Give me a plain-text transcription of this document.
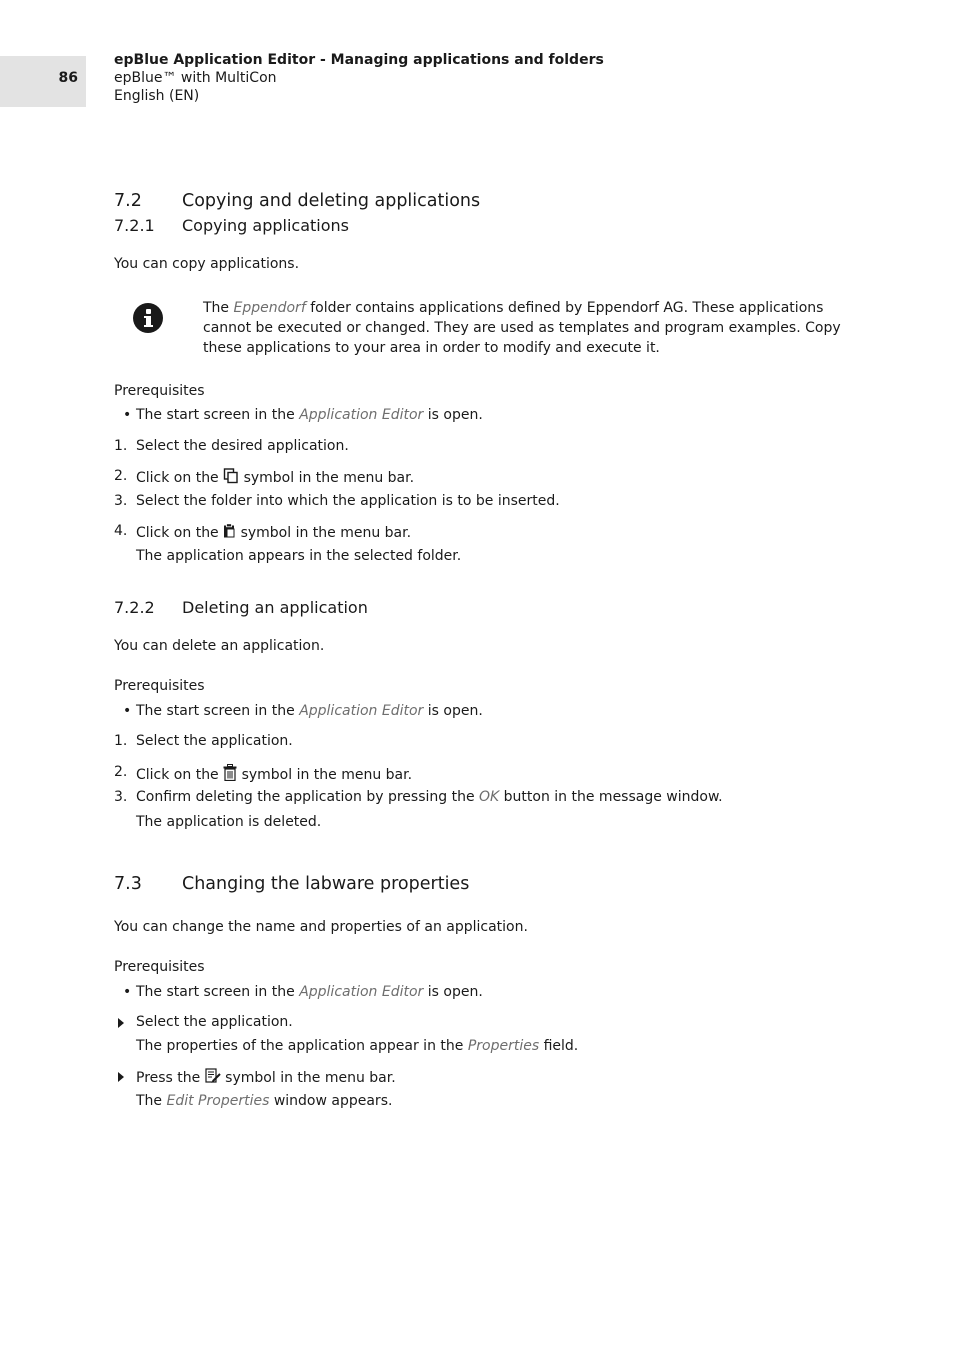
86
epBlue Application Editor - Managing applications and folders
epBlue™ with MultiCon
English (EN)
7.2 Copying and deleting applications
7.2.1 Copying applications
You can copy applications.
The Eppendorf folder contains applications defined by Eppendorf AG. These applications
cannot be executed or changed. They are used as templates and program examples. Copy
these applications to your area in order to modify and execute it.
Prerequisites
• The start screen in the Application Editor is open.
1. Select the desired application.
2. Click on the  symbol in the menu bar.
3. Select the folder into which the application is to be inserted.
4. Click on the  symbol in the menu bar.
The application appears in the selected folder.
7.2.2 Deleting an application
You can delete an application.
Prerequisites
• The start screen in the Application Editor is open.
1. Select the application.
2. Click on the  symbol in the menu bar.
3. Confirm deleting the application by pressing the OK button in the message window.
The application is deleted.
7.3 Changing the labware properties
You can change the name and properties of an application.
Prerequisites
• The start screen in the Application Editor is open.
Select the application.
The properties of the application appear in the Properties field.
Press the  symbol in the menu bar.
The Edit Properties window appears.
